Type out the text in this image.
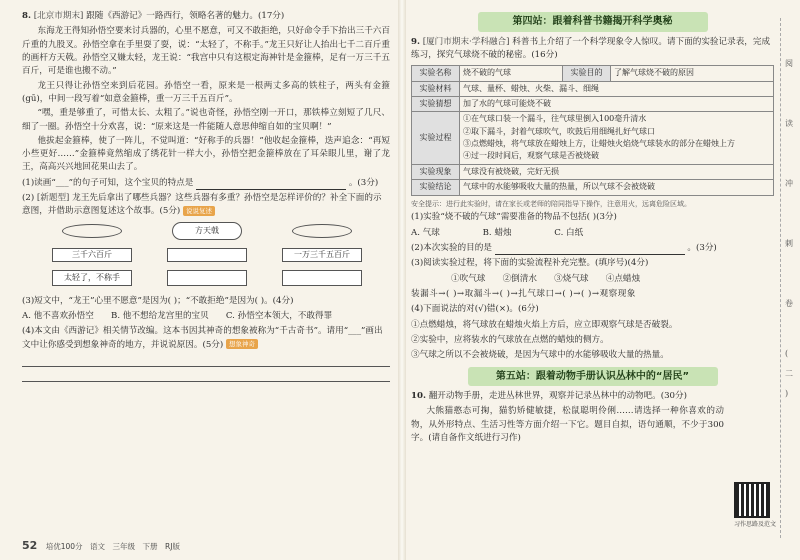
8. [北京市期末] 跟随《西游记》一路西行，领略名著的魅力。(17分)

东海龙王得知孙悟空要来讨兵器的，心里不愿意，可又不敢拒绝，只好命令手下抬出三千六百斤重的九股叉。孙悟空拿在手里耍了耍，说：“太轻了，不称手。”龙王只好让人抬出七千二百斤重的画杆方天戟。孙悟空又嫌太轻，龙王说：“我宫中只有这根定海神针是金箍棒，足有一万三千五百斤，可是谁也搬不动。”

龙王只得让孙悟空来到后花园。孙悟空一看，原来是一根两丈多高的铁柱子，两头有金箍(gū)，中间一段写着“如意金箍棒，重一万三千五百斤”。

“嘿，重是够重了，可惜太长、太粗了。”说也奇怪，孙悟空刚一开口，那铁棒立刻短了几尺、细了一圈。孙悟空十分欢喜，说：“原来这是一件能随人意思伸缩自如的宝贝啊！”

他拔起金箍棒，使了一阵儿，不觉叫道：“好称手的兵器！”他收起金箍棒，迭声追念：“再短小些更好……”金箍棒竟然缩成了绣花针一样大小，孙悟空把金箍棒放在了耳朵眼儿里，谢了龙王，高高兴兴地回花果山去了。

(1)读画“___”的句子可知，这个宝贝的特点是	。(3分)
(2) [新题型] 龙王先后拿出了哪些兵器？这些兵器有多重？孙悟空是怎样评价的？补全下面的示意图，并借助示意图复述这个故事。(5分) 说说复述
方天戟
三千六百斤	一万三千五百斤
太轻了，不称手
(3)短文中，“龙王”心里不愿意”是因为( )；“不敢拒绝”是因为( )。(4分)
A. 他不喜欢孙悟空　　B. 他不想给龙宫里的宝贝　　C. 孙悟空本领大，不敢得罪
(4)本文由《西游记》相关情节改编。这本书因其神奇的想象被称为“千古奇书”。请用“___”画出文中让你感受到想象神奇的地方，并说说原因。(5分) 想象神奇
52 培优100分　语文　三年级　下册　RJ版
第四站：跟着科普书籍揭开科学奥秘
9. [厦门市期末·学科融合] 科普书上介绍了一个科学现象令人惊叹。请下面的实验记录表，完成练习，探究气球烧不破的秘密。(16分)
实验名称	烧不破的气球	实验目的	了解气球烧不破的原因
实验材料	气球、量杯、蜡烛、火柴、漏斗、细绳		
实验猜想	加了水的气球可能烧不破		
实验过程	①在气球口装一个漏斗，往气球里倒入100毫升清水
②取下漏斗，封着气球吹气，吹鼓后用细绳扎好气球口
③点燃蜡烛，将气球放在蜡烛上方，让蜡烛火焰烧气球装水的部分在蜡烛上方
④过一段时间后，观察气球是否被烧破		

实验现象	气球没有被烧破，完好无损		
实验结论	气球中的水能够吸收大量的热量，所以气球不会被烧破		
安全提示：进行此实验时，请在家长或老师的陪同指导下操作，注意用火，远离危险区域。
(1)实验“烧不破的气球”需要准备的物品不包括( )(3分)
A. 气球	B. 蜡烛	C. 白纸
(2)本次实验的目的是	。(3分)
(3)阅读实验过程，将下面的实验流程补充完整。(填序号)(4分)
①吹气球　　②倒清水　　③烧气球　　④点蜡烛
装漏斗→( )→取漏斗→( )→扎气球口→( )→( )→观察现象
(4)下面说法的对(√)错(×)。(6分)
①点燃蜡烛，将气球放在蜡烛火焰上方后，应立即观察气球是否破裂。
②实验中，应将装水的气球放在点燃的蜡烛的侧方。
③气球之所以不会被烧破，是因为气球中的水能够吸收大量的热量。
第五站：跟着动物手册认识丛林中的“居民”
10. 翻开动物手册，走进丛林世界，观察并记录丛林中的动物吧。(30分)

大熊猫憨态可掬，猫豹矫健敏捷，松鼠聪明伶俐……请选择一种你喜欢的动物，从外形特点、生活习性等方面介绍一下它。题目自拟，语句通顺，不少于300字。(请自备作文纸进行习作)

习作思路及范文
阅
读
冲
刺
卷
(
二
)
